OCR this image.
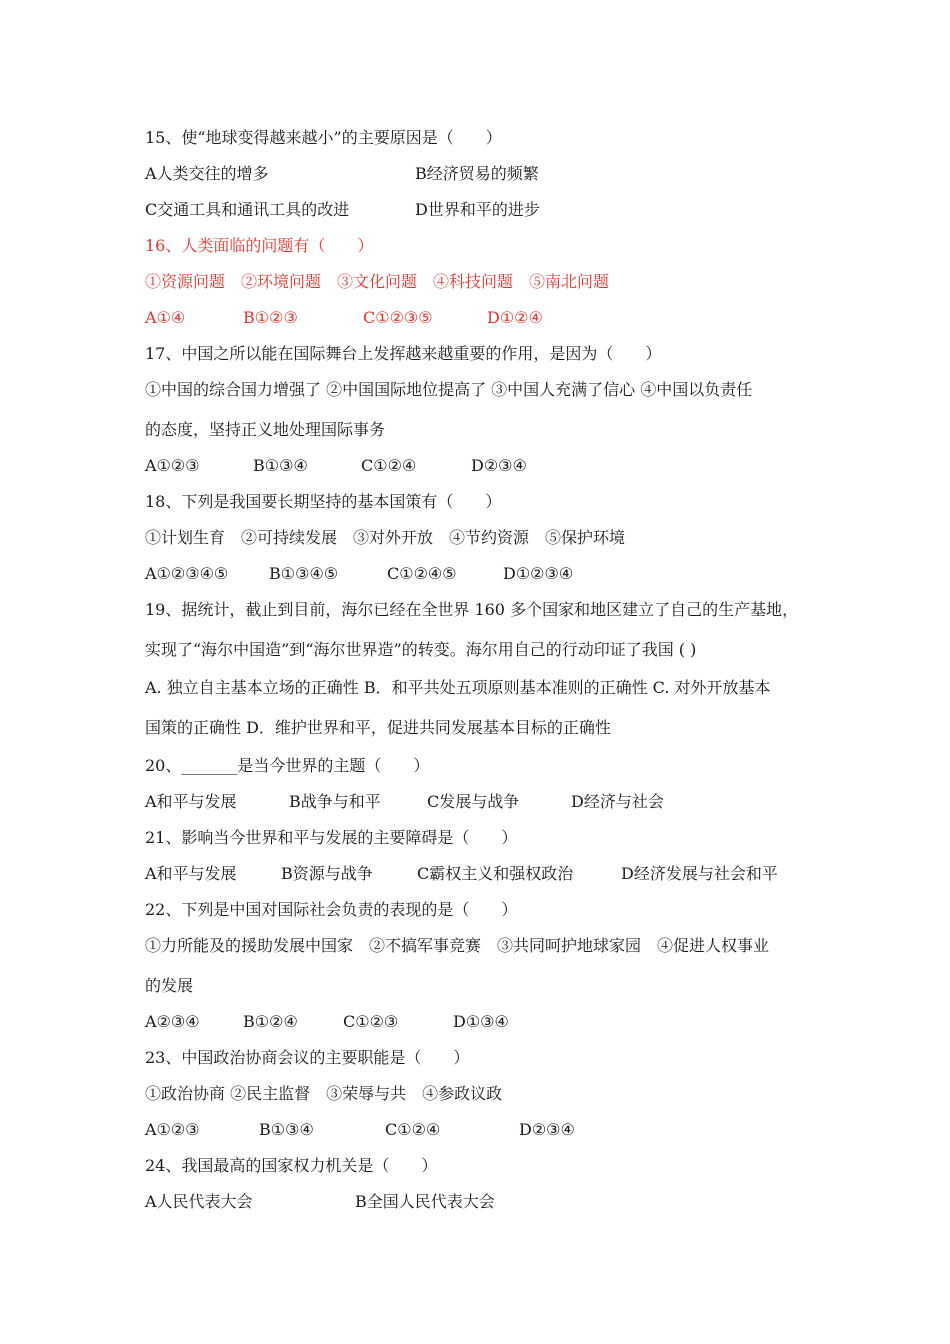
15、使“地球变得越来越小”的主要原因是（　　）
A人类交往的增多	B经济贸易的频繁
C交通工具和通讯工具的改进	D世界和平的进步
16、人类面临的问题有（　　）
①资源问题　②环境问题　③文化问题　④科技问题　⑤南北问题
A①④	B①②③	C①②③⑤	D①②④
17、中国之所以能在国际舞台上发挥越来越重要的作用，是因为（　　）
①中国的综合国力增强了 ②中国国际地位提高了 ③中国人充满了信心 ④中国以负责任
的态度，坚持正义地处理国际事务
A①②③	B①③④	C①②④	D②③④
18、下列是我国要长期坚持的基本国策有（　　）
①计划生育　②可持续发展　③对外开放　④节约资源　⑤保护环境
A①②③④⑤	B①③④⑤	C①②④⑤	D①②③④
19、据统计，截止到目前，海尔已经在全世界 160 多个国家和地区建立了自己的生产基地，
实现了“海尔中国造”到“海尔世界造”的转变。海尔用自己的行动印证了我国 ( )
A. 独立自主基本立场的正确性 B．和平共处五项原则基本准则的正确性 C. 对外开放基本
国策的正确性 D．维护世界和平，促进共同发展基本目标的正确性
20、_______是当今世界的主题（　　）
A和平与发展	B战争与和平	C发展与战争	D经济与社会
21、影响当今世界和平与发展的主要障碍是（　　）
A和平与发展	B资源与战争	C霸权主义和强权政治	D经济发展与社会和平
22、下列是中国对国际社会负责的表现的是（　　）
①力所能及的援助发展中国家　②不搞军事竞赛　③共同呵护地球家园　④促进人权事业
的发展
A②③④	B①②④	C①②③	D①③④
23、中国政治协商会议的主要职能是（　　）
①政治协商 ②民主监督　③荣辱与共　④参政议政
A①②③	B①③④	C①②④	D②③④
24、我国最高的国家权力机关是（　　）
A人民代表大会	B全国人民代表大会
